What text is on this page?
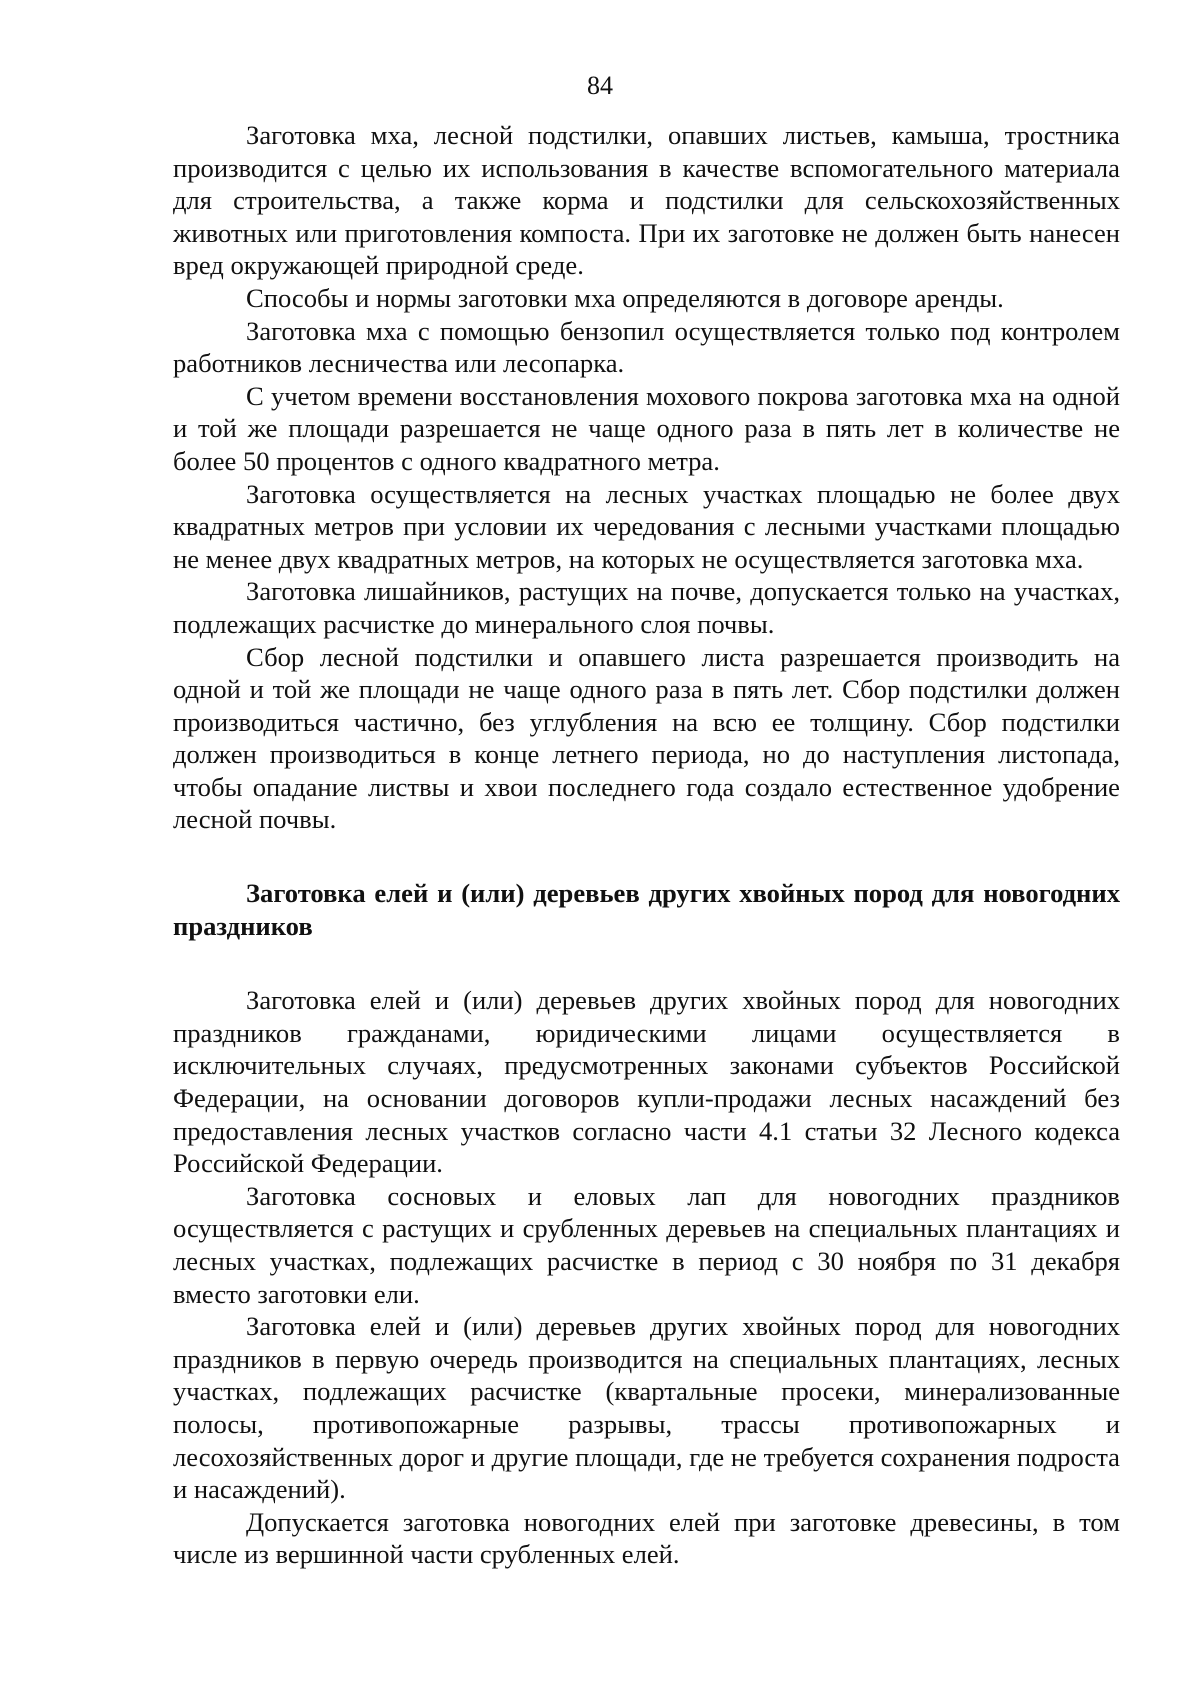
84

Заготовка мха, лесной подстилки, опавших листьев, камыша, тростника производится с целью их использования в качестве вспомогательного материала для строительства, а также корма и подстилки для сельскохозяйственных животных или приготовления компоста. При их заготовке не должен быть нанесен вред окружающей природной среде.

Способы и нормы заготовки мха определяются в договоре аренды.

Заготовка мха с помощью бензопил осуществляется только под контролем работников лесничества или лесопарка.

С учетом времени восстановления мохового покрова заготовка мха на одной и той же площади разрешается не чаще одного раза в пять лет в количестве не более 50 процентов с одного квадратного метра.

Заготовка осуществляется на лесных участках площадью не более двух квадратных метров при условии их чередования с лесными участками площадью не менее двух квадратных метров, на которых не осуществляется заготовка мха.

Заготовка лишайников, растущих на почве, допускается только на участках, подлежащих расчистке до минерального слоя почвы.

Сбор лесной подстилки и опавшего листа разрешается производить на одной и той же площади не чаще одного раза в пять лет. Сбор подстилки должен производиться частично, без углубления на всю ее толщину. Сбор подстилки должен производиться в конце летнего периода, но до наступления листопада, чтобы опадание листвы и хвои последнего года создало естественное удобрение лесной почвы.

Заготовка елей и (или) деревьев других хвойных пород для новогодних праздников

Заготовка елей и (или) деревьев других хвойных пород для новогодних праздников гражданами, юридическими лицами осуществляется в исключительных случаях, предусмотренных законами субъектов Российской Федерации, на основании договоров купли-продажи лесных насаждений без предоставления лесных участков согласно части 4.1 статьи 32 Лесного кодекса Российской Федерации.

Заготовка сосновых и еловых лап для новогодних праздников осуществляется с растущих и срубленных деревьев на специальных плантациях и лесных участках, подлежащих расчистке в период с 30 ноября по 31 декабря вместо заготовки ели.

Заготовка елей и (или) деревьев других хвойных пород для новогодних праздников в первую очередь производится на специальных плантациях, лесных участках, подлежащих расчистке (квартальные просеки, минерализованные полосы, противопожарные разрывы, трассы противопожарных и лесохозяйственных дорог и другие площади, где не требуется сохранения подроста и насаждений).

Допускается заготовка новогодних елей при заготовке древесины, в том числе из вершинной части срубленных елей.
